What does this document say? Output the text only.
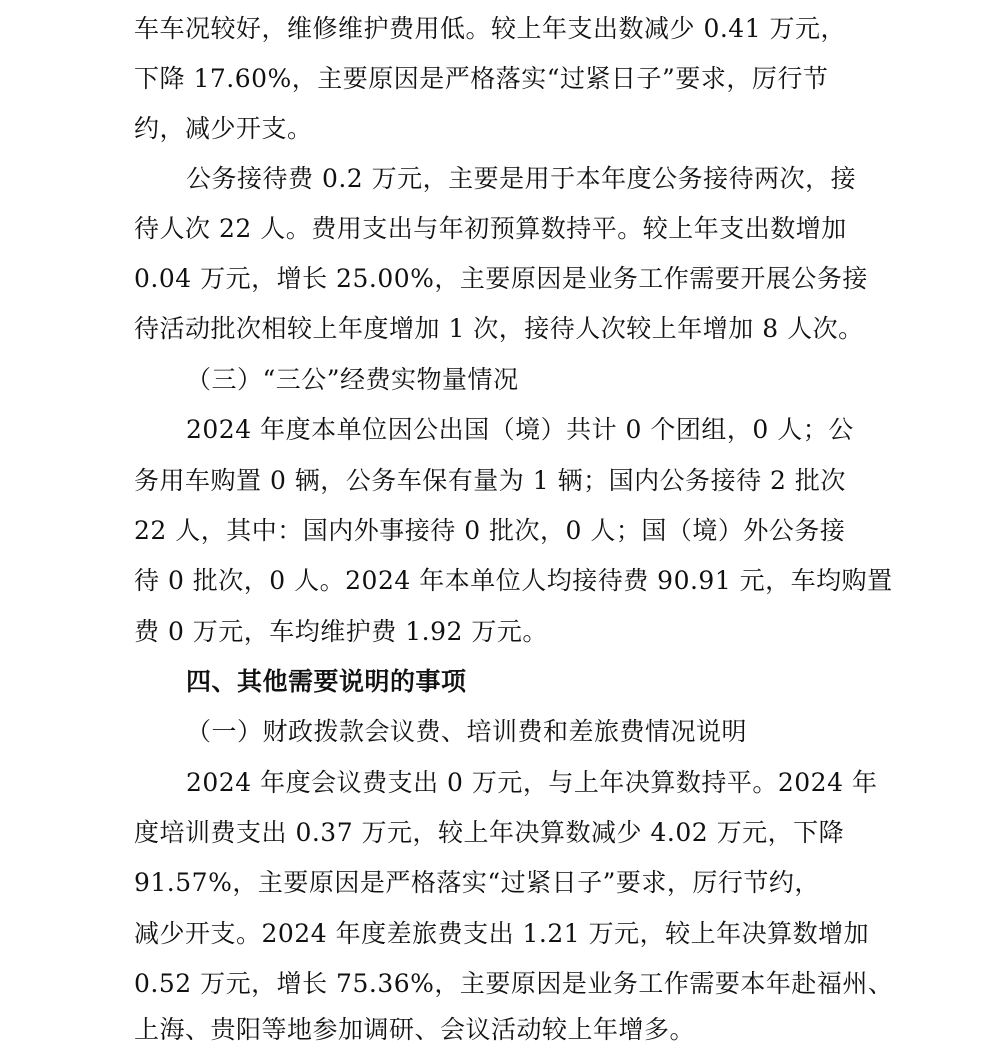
车车况较好，维修维护费用低。较上年支出数减少 0.41 万元，
下降 17.60%，主要原因是严格落实“过紧日子”要求，厉行节
约，减少开支。
公务接待费 0.2 万元，主要是用于本年度公务接待两次，接
待人次 22 人。费用支出与年初预算数持平。较上年支出数增加
0.04 万元，增长 25.00%，主要原因是业务工作需要开展公务接
待活动批次相较上年度增加 1 次，接待人次较上年增加 8 人次。
（三）“三公”经费实物量情况
2024 年度本单位因公出国（境）共计 0 个团组，0 人；公
务用车购置 0 辆，公务车保有量为 1 辆；国内公务接待 2 批次
22 人，其中：国内外事接待 0 批次，0 人；国（境）外公务接
待 0 批次，0 人。2024 年本单位人均接待费 90.91 元，车均购置
费 0 万元，车均维护费 1.92 万元。
四、其他需要说明的事项
（一）财政拨款会议费、培训费和差旅费情况说明
2024 年度会议费支出 0 万元，与上年决算数持平。2024 年
度培训费支出 0.37 万元，较上年决算数减少 4.02 万元，下降
91.57%，主要原因是严格落实“过紧日子”要求，厉行节约，
减少开支。2024 年度差旅费支出 1.21 万元，较上年决算数增加
0.52 万元，增长 75.36%，主要原因是业务工作需要本年赴福州、
上海、贵阳等地参加调研、会议活动较上年增多。
